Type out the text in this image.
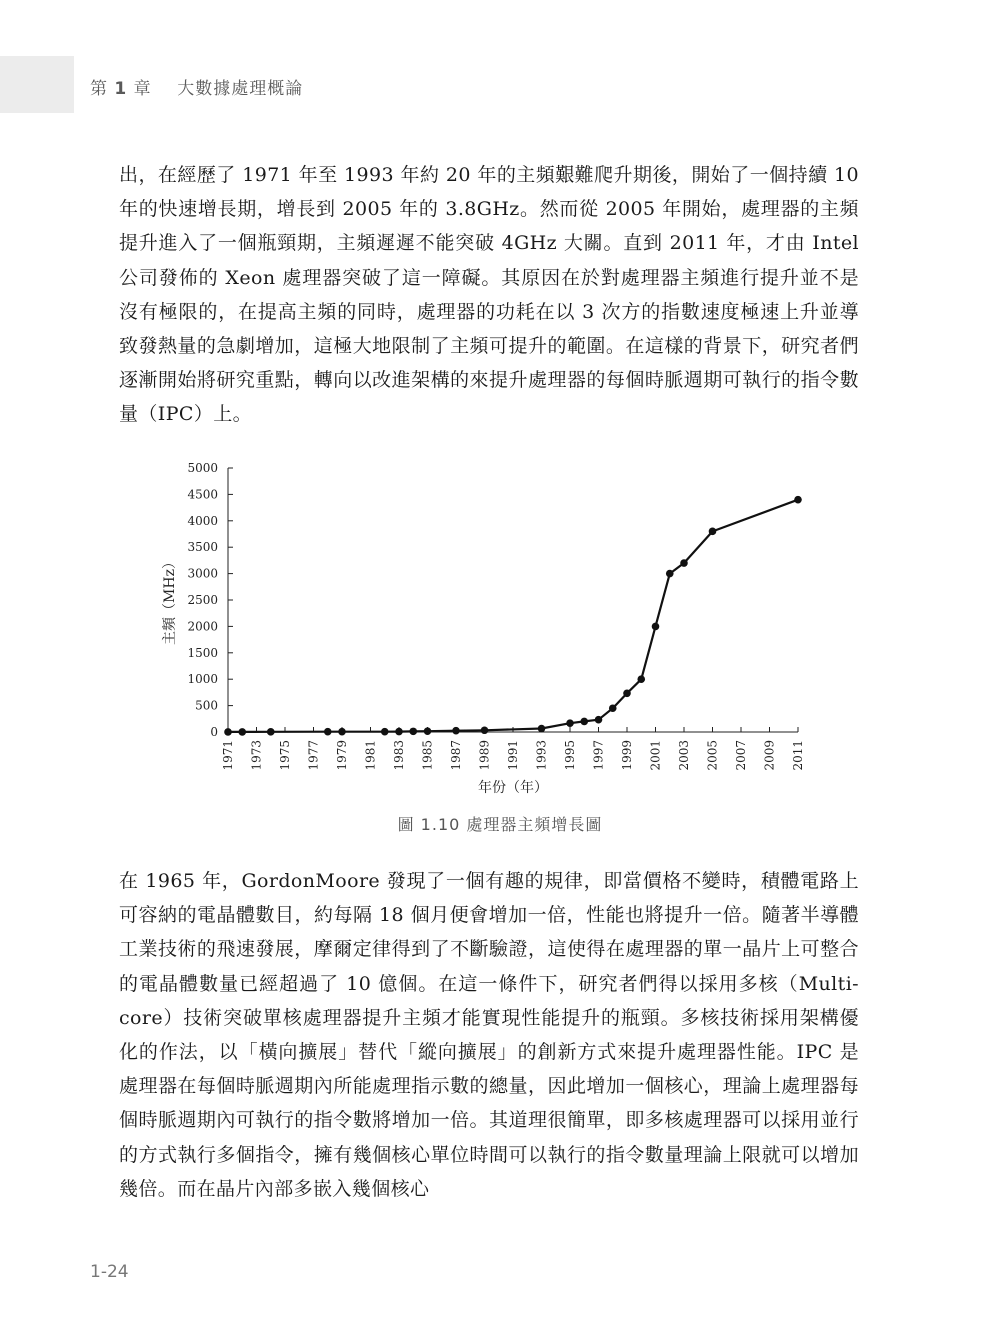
第 1 章 大數據處理概論

出，在經歷了 1971 年至 1993 年約 20 年的主頻艱難爬升期後，開始了一個持續 10 年的快速增長期，增長到 2005 年的 3.8GHz。然而從 2005 年開始，處理器的主頻提升進入了一個瓶頸期，主頻遲遲不能突破 4GHz 大關。直到 2011 年，才由 Intel 公司發佈的 Xeon 處理器突破了這一障礙。其原因在於對處理器主頻進行提升並不是沒有極限的，在提高主頻的同時，處理器的功耗在以 3 次方的指數速度極速上升並導致發熱量的急劇增加，這極大地限制了主頻可提升的範圍。在這樣的背景下，研究者們逐漸開始將研究重點，轉向以改進架構的來提升處理器的每個時脈週期可執行的指令數量（IPC）上。

0
500
1000
1500
2000
2500
3000
3500
4000
4500
5000
1971 1973 1975 1977 1979 1981 1983 1985 1987 1989 1991 1993 1995 1997 1999 2001 2003 2005 2007 2009 2011
主頻（MHz）
年份（年）
圖 1.10 處理器主頻增長圖

在 1965 年，GordonMoore 發現了一個有趣的規律，即當價格不變時，積體電路上可容納的電晶體數目，約每隔 18 個月便會增加一倍，性能也將提升一倍。隨著半導體工業技術的飛速發展，摩爾定律得到了不斷驗證，這使得在處理器的單一晶片上可整合的電晶體數量已經超過了 10 億個。在這一條件下，研究者們得以採用多核（Multi-core）技術突破單核處理器提升主頻才能實現性能提升的瓶頸。多核技術採用架構優化的作法，以「橫向擴展」替代「縱向擴展」的創新方式來提升處理器性能。IPC 是處理器在每個時脈週期內所能處理指示數的總量，因此增加一個核心，理論上處理器每個時脈週期內可執行的指令數將增加一倍。其道理很簡單，即多核處理器可以採用並行的方式執行多個指令，擁有幾個核心單位時間可以執行的指令數量理論上限就可以增加幾倍。而在晶片內部多嵌入幾個核心

1-24
